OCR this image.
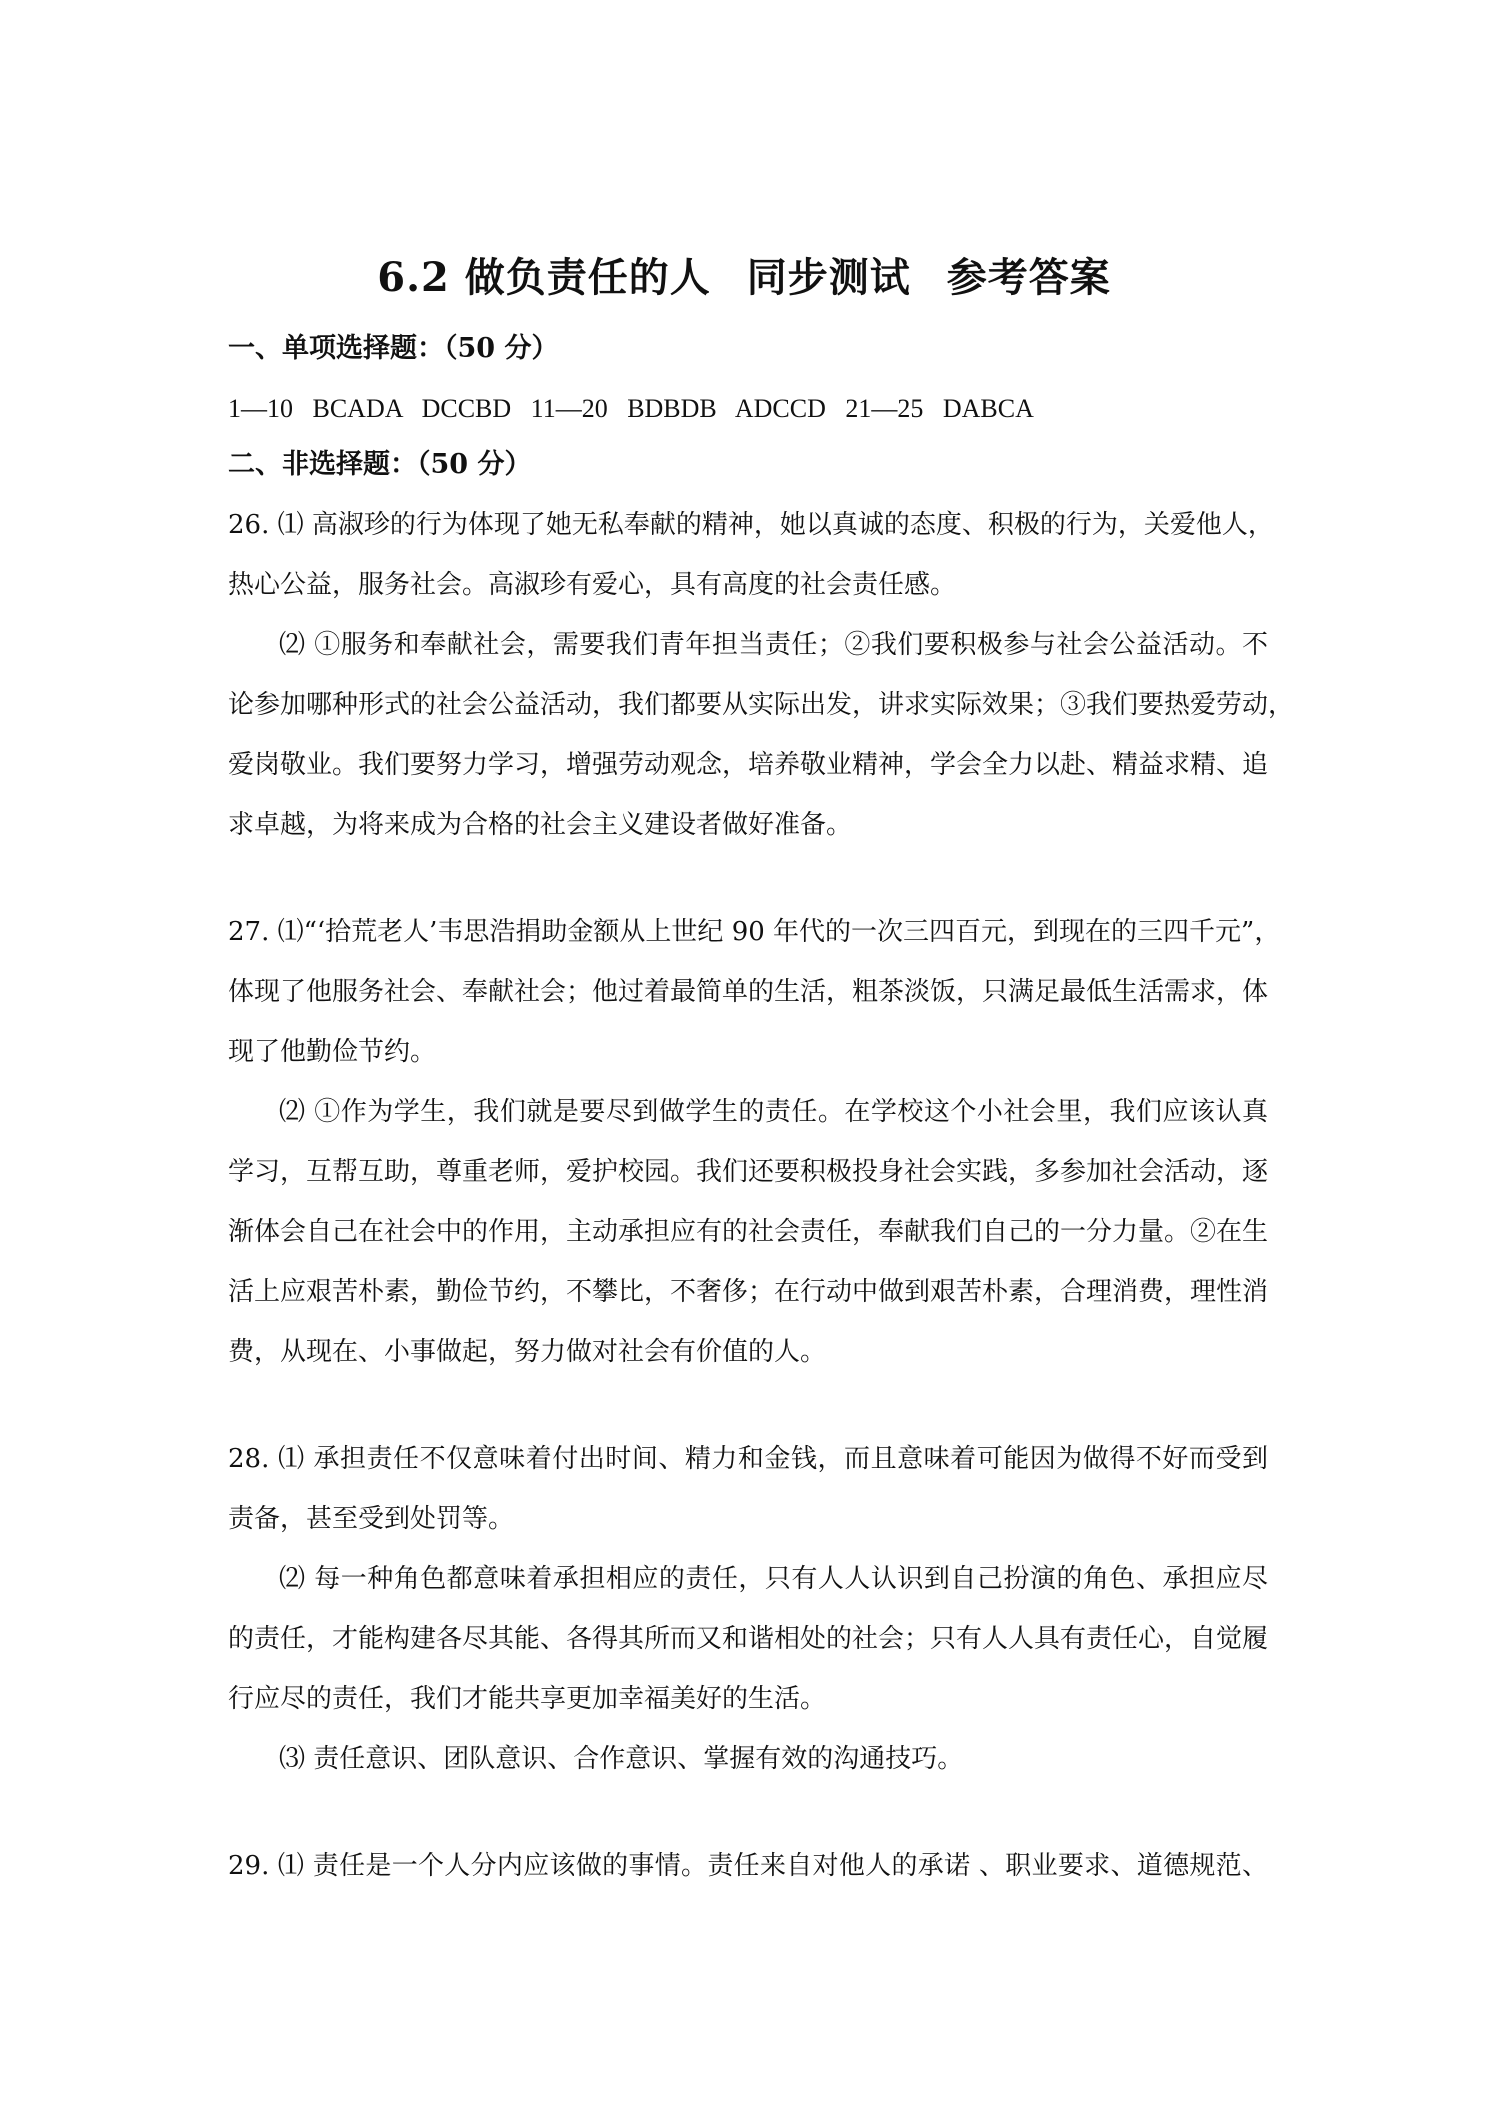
6.2 做负责任的人 同步测试 参考答案
一、单项选择题：（50 分）
1—10   BCADA   DCCBD   11—20   BDBDB   ADCCD   21—25   DABCA
二、非选择题：（50 分）
26. ⑴ 高淑珍的行为体现了她无私奉献的精神，她以真诚的态度、积极的行为，关爱他人，
热心公益，服务社会。高淑珍有爱心，具有高度的社会责任感。
⑵ ①服务和奉献社会，需要我们青年担当责任；②我们要积极参与社会公益活动。不
论参加哪种形式的社会公益活动，我们都要从实际出发，讲求实际效果；③我们要热爱劳动，
爱岗敬业。我们要努力学习，增强劳动观念，培养敬业精神，学会全力以赴、精益求精、追
求卓越，为将来成为合格的社会主义建设者做好准备。
27. ⑴“‘拾荒老人’韦思浩捐助金额从上世纪 90 年代的一次三四百元，到现在的三四千元”，
体现了他服务社会、奉献社会；他过着最简单的生活，粗茶淡饭，只满足最低生活需求，体
现了他勤俭节约。
⑵ ①作为学生，我们就是要尽到做学生的责任。在学校这个小社会里，我们应该认真
学习，互帮互助，尊重老师，爱护校园。我们还要积极投身社会实践，多参加社会活动，逐
渐体会自己在社会中的作用，主动承担应有的社会责任，奉献我们自己的一分力量。②在生
活上应艰苦朴素，勤俭节约，不攀比，不奢侈；在行动中做到艰苦朴素，合理消费，理性消
费，从现在、小事做起，努力做对社会有价值的人。
28. ⑴ 承担责任不仅意味着付出时间、精力和金钱，而且意味着可能因为做得不好而受到
责备，甚至受到处罚等。
⑵ 每一种角色都意味着承担相应的责任，只有人人认识到自己扮演的角色、承担应尽
的责任，才能构建各尽其能、各得其所而又和谐相处的社会；只有人人具有责任心，自觉履
行应尽的责任，我们才能共享更加幸福美好的生活。
⑶ 责任意识、团队意识、合作意识、掌握有效的沟通技巧。
29. ⑴ 责任是一个人分内应该做的事情。责任来自对他人的承诺 、职业要求、道德规范、
